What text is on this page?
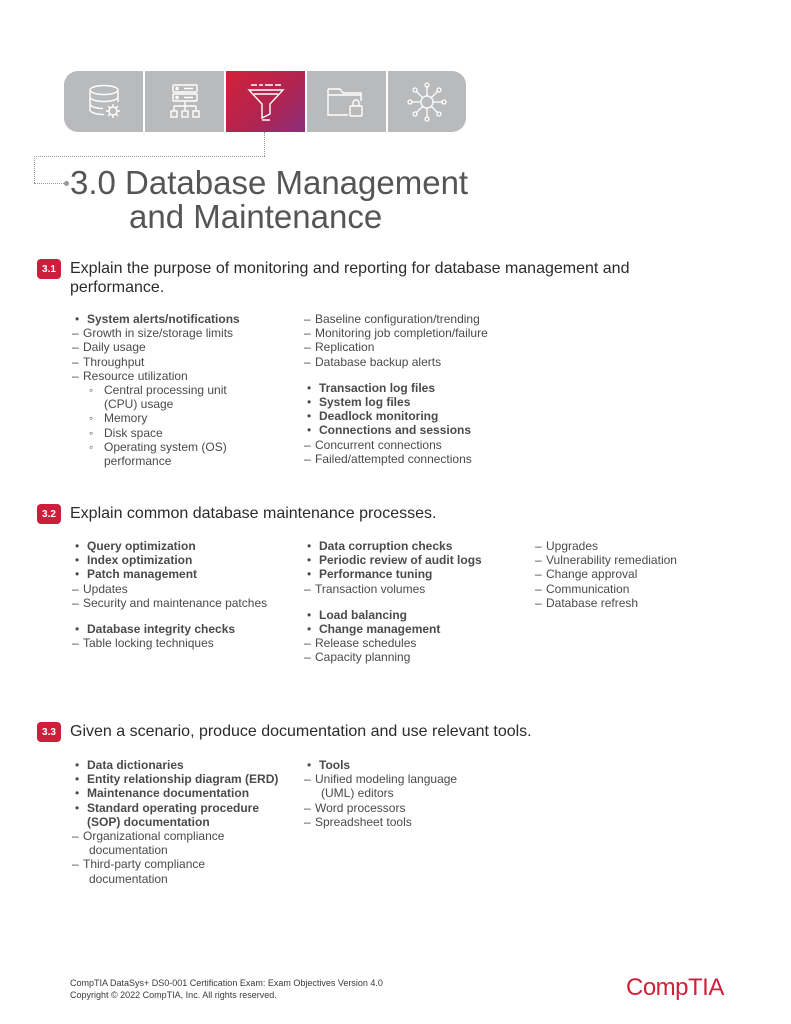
3.0 Database Management
and Maintenance
3.1 Explain the purpose of monitoring and reporting for database management and performance.
• System alerts/notifications
– Growth in size/storage limits
– Daily usage
– Throughput
– Resource utilization
◦ Central processing unit
(CPU) usage
◦ Memory
◦ Disk space
◦ Operating system (OS)
performance
– Baseline configuration/trending
– Monitoring job completion/failure
– Replication
– Database backup alerts
• Transaction log files
• System log files
• Deadlock monitoring
• Connections and sessions
– Concurrent connections
– Failed/attempted connections
3.2 Explain common database maintenance processes.
• Query optimization
• Index optimization
• Patch management
– Updates
– Security and maintenance patches
• Database integrity checks
– Table locking techniques
• Data corruption checks
• Periodic review of audit logs
• Performance tuning
– Transaction volumes
• Load balancing
• Change management
– Release schedules
– Capacity planning
– Upgrades
– Vulnerability remediation
– Change approval
– Communication
– Database refresh
3.3 Given a scenario, produce documentation and use relevant tools.
• Data dictionaries
• Entity relationship diagram (ERD)
• Maintenance documentation
• Standard operating procedure
(SOP) documentation
– Organizational compliance
documentation
– Third-party compliance
documentation
• Tools
– Unified modeling language
(UML) editors
– Word processors
– Spreadsheet tools
CompTIA DataSys+ DS0-001 Certification Exam: Exam Objectives Version 4.0
Copyright © 2022 CompTIA, Inc. All rights reserved.	CompTIA
